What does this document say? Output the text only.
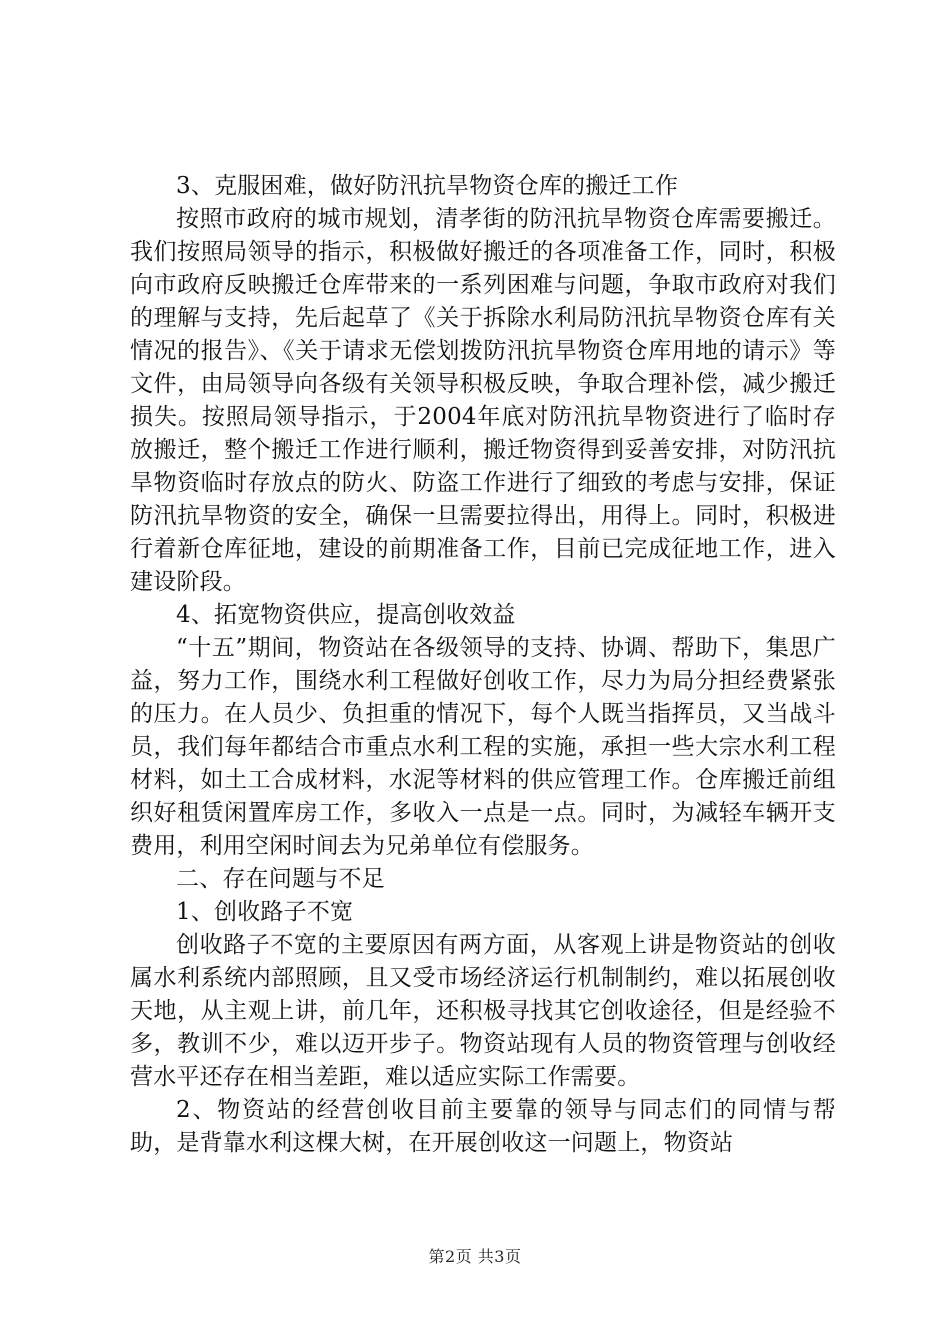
3、克服困难，做好防汛抗旱物资仓库的搬迁工作

按照市政府的城市规划，清孝街的防汛抗旱物资仓库需要搬迁。我们按照局领导的指示，积极做好搬迁的各项准备工作，同时，积极向市政府反映搬迁仓库带来的一系列困难与问题，争取市政府对我们的理解与支持，先后起草了《关于拆除水利局防汛抗旱物资仓库有关情况的报告》、《关于请求无偿划拨防汛抗旱物资仓库用地的请示》等文件，由局领导向各级有关领导积极反映，争取合理补偿，减少搬迁损失。按照局领导指示，于2004年底对防汛抗旱物资进行了临时存放搬迁，整个搬迁工作进行顺利，搬迁物资得到妥善安排，对防汛抗旱物资临时存放点的防火、防盗工作进行了细致的考虑与安排，保证防汛抗旱物资的安全，确保一旦需要拉得出，用得上。同时，积极进行着新仓库征地，建设的前期准备工作，目前已完成征地工作，进入建设阶段。

4、拓宽物资供应，提高创收效益

“十五”期间，物资站在各级领导的支持、协调、帮助下，集思广益，努力工作，围绕水利工程做好创收工作，尽力为局分担经费紧张的压力。在人员少、负担重的情况下，每个人既当指挥员，又当战斗员，我们每年都结合市重点水利工程的实施，承担一些大宗水利工程材料，如土工合成材料，水泥等材料的供应管理工作。仓库搬迁前组织好租赁闲置库房工作，多收入一点是一点。同时，为减轻车辆开支费用，利用空闲时间去为兄弟单位有偿服务。

二、存在问题与不足

1、创收路子不宽

创收路子不宽的主要原因有两方面，从客观上讲是物资站的创收属水利系统内部照顾，且又受市场经济运行机制制约，难以拓展创收天地，从主观上讲，前几年，还积极寻找其它创收途径，但是经验不多，教训不少，难以迈开步子。物资站现有人员的物资管理与创收经营水平还存在相当差距，难以适应实际工作需要。

2、物资站的经营创收目前主要靠的领导与同志们的同情与帮助，是背靠水利这棵大树，在开展创收这一问题上，物资站

第2页 共3页
